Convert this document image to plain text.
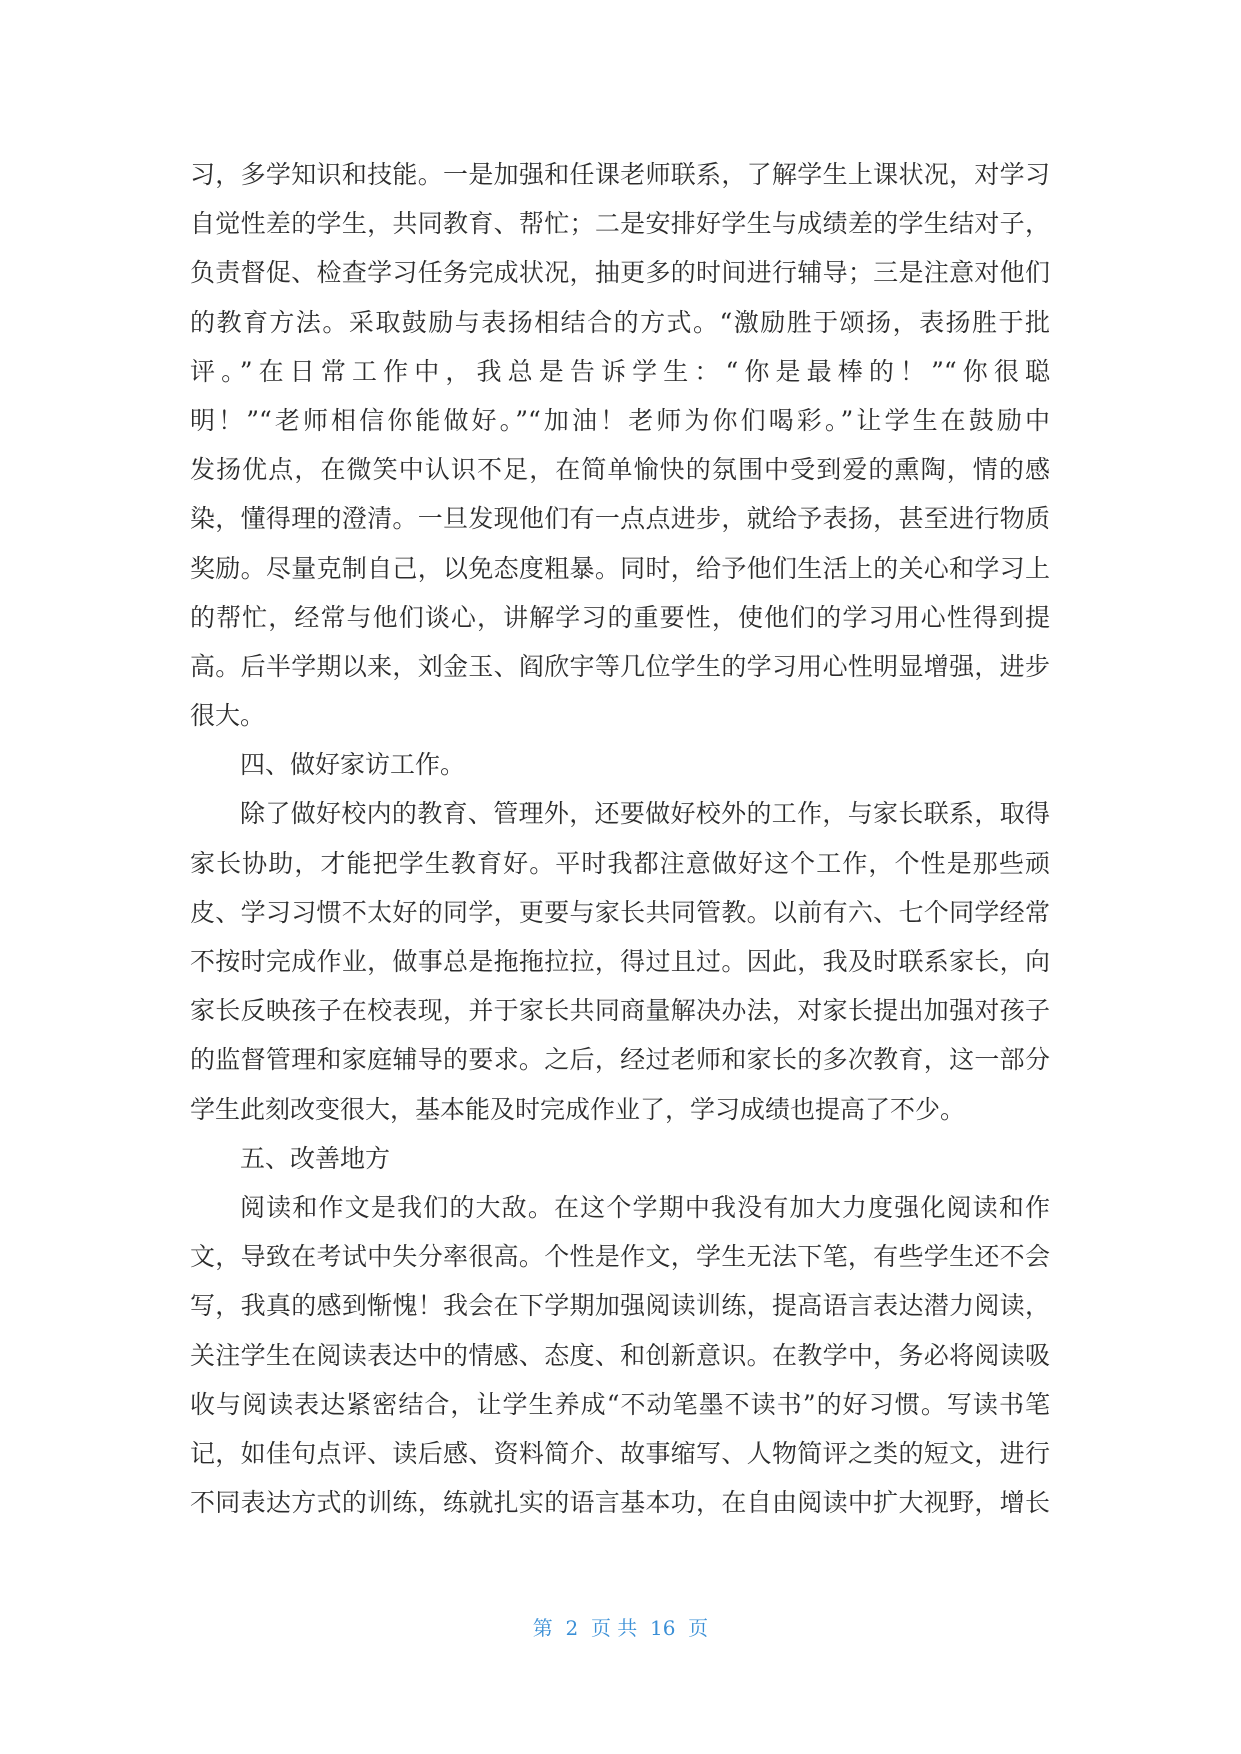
习，多学知识和技能。一是加强和任课老师联系，了解学生上课状况，对学习
自觉性差的学生，共同教育、帮忙；二是安排好学生与成绩差的学生结对子，
负责督促、检查学习任务完成状况，抽更多的时间进行辅导；三是注意对他们
的教育方法。采取鼓励与表扬相结合的方式。“激励胜于颂扬，表扬胜于批
评。”在日常工作中，我总是告诉学生：“你是最棒的！”“你很聪
明！”“老师相信你能做好。”“加油！老师为你们喝彩。”让学生在鼓励中
发扬优点，在微笑中认识不足，在简单愉快的氛围中受到爱的熏陶，情的感
染，懂得理的澄清。一旦发现他们有一点点进步，就给予表扬，甚至进行物质
奖励。尽量克制自己，以免态度粗暴。同时，给予他们生活上的关心和学习上
的帮忙，经常与他们谈心，讲解学习的重要性，使他们的学习用心性得到提
高。后半学期以来，刘金玉、阎欣宇等几位学生的学习用心性明显增强，进步
很大。
四、做好家访工作。
除了做好校内的教育、管理外，还要做好校外的工作，与家长联系，取得
家长协助，才能把学生教育好。平时我都注意做好这个工作，个性是那些顽
皮、学习习惯不太好的同学，更要与家长共同管教。以前有六、七个同学经常
不按时完成作业，做事总是拖拖拉拉，得过且过。因此，我及时联系家长，向
家长反映孩子在校表现，并于家长共同商量解决办法，对家长提出加强对孩子
的监督管理和家庭辅导的要求。之后，经过老师和家长的多次教育，这一部分
学生此刻改变很大，基本能及时完成作业了，学习成绩也提高了不少。
五、改善地方
阅读和作文是我们的大敌。在这个学期中我没有加大力度强化阅读和作
文，导致在考试中失分率很高。个性是作文，学生无法下笔，有些学生还不会
写，我真的感到惭愧！我会在下学期加强阅读训练，提高语言表达潜力阅读，
关注学生在阅读表达中的情感、态度、和创新意识。在教学中，务必将阅读吸
收与阅读表达紧密结合，让学生养成“不动笔墨不读书”的好习惯。写读书笔
记，如佳句点评、读后感、资料简介、故事缩写、人物简评之类的短文，进行
不同表达方式的训练，练就扎实的语言基本功，在自由阅读中扩大视野，增长
第  2  页 共  16  页
